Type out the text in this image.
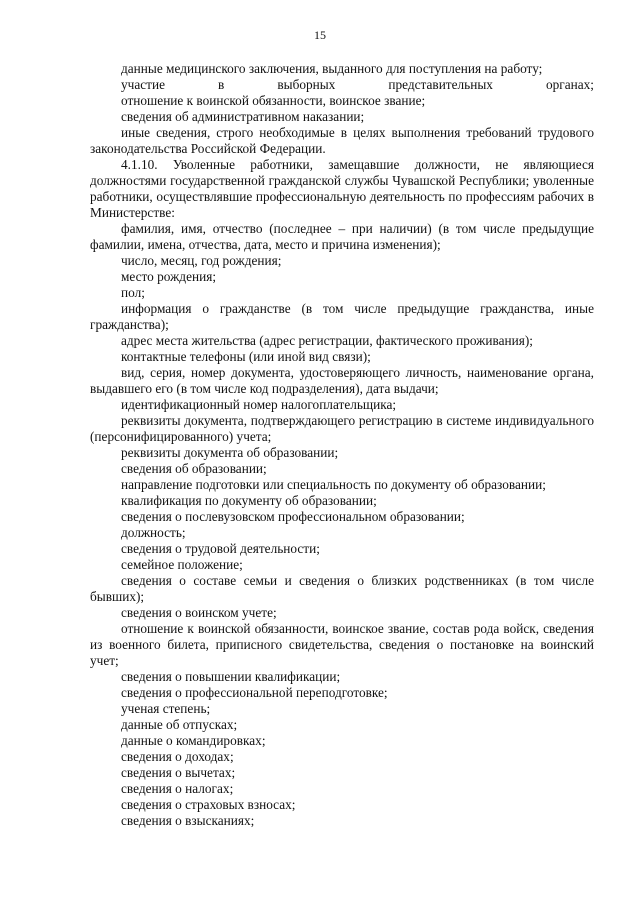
15

данные медицинского заключения, выданного для поступления на работу;

участие в выборных представительных органах;

отношение к воинской обязанности, воинское звание;

сведения об административном наказании;

иные сведения, строго необходимые в целях выполнения требований трудового законодательства Российской Федерации.

4.1.10. Уволенные работники, замещавшие должности, не являющиеся должностями государственной гражданской службы Чувашской Республики; уволенные работники, осуществлявшие профессиональную деятельность по профессиям рабочих в Министерстве:

фамилия, имя, отчество (последнее – при наличии) (в том числе предыдущие фамилии, имена, отчества, дата, место и причина изменения);

число, месяц, год рождения;

место рождения;

пол;

информация о гражданстве (в том числе предыдущие гражданства, иные гражданства);

адрес места жительства (адрес регистрации, фактического проживания);

контактные телефоны (или иной вид связи);

вид, серия, номер документа, удостоверяющего личность, наименование органа, выдавшего его (в том числе код подразделения), дата выдачи;

идентификационный номер налогоплательщика;

реквизиты документа, подтверждающего регистрацию в системе индивидуального (персонифицированного) учета;

реквизиты документа об образовании;

сведения об образовании;

направление подготовки или специальность по документу об образовании;

квалификация по документу об образовании;

сведения о послевузовском профессиональном образовании;

должность;

сведения о трудовой деятельности;

семейное положение;

сведения о составе семьи и сведения о близких родственниках (в том числе бывших);

сведения о воинском учете;

отношение к воинской обязанности, воинское звание, состав рода войск, сведения из военного билета, приписного свидетельства, сведения о постановке на воинский учет;

сведения о повышении квалификации;

сведения о профессиональной переподготовке;

ученая степень;

данные об отпусках;

данные о командировках;

сведения о доходах;

сведения о вычетах;

сведения о налогах;

сведения о страховых взносах;

сведения о взысканиях;
